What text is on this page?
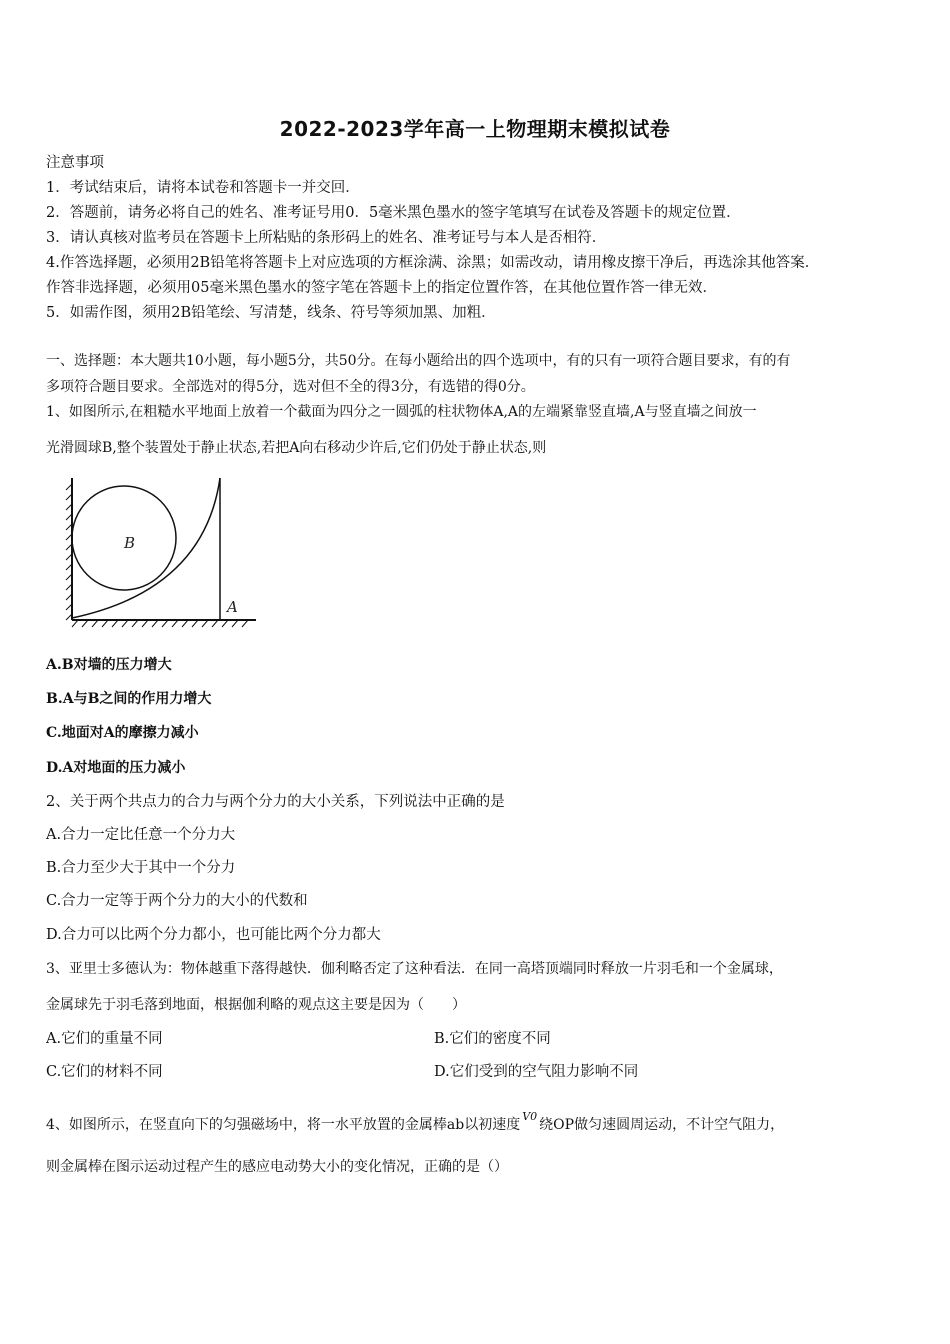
2022-2023学年高一上物理期末模拟试卷
注意事项
1．考试结束后，请将本试卷和答题卡一并交回．
2．答题前，请务必将自己的姓名、准考证号用0．5毫米黑色墨水的签字笔填写在试卷及答题卡的规定位置．
3．请认真核对监考员在答题卡上所粘贴的条形码上的姓名、准考证号与本人是否相符．
4.作答选择题，必须用2B铅笔将答题卡上对应选项的方框涂满、涂黑；如需改动，请用橡皮擦干净后，再选涂其他答案．
作答非选择题，必须用05毫米黑色墨水的签字笔在答题卡上的指定位置作答，在其他位置作答一律无效．
5．如需作图，须用2B铅笔绘、写清楚，线条、符号等须加黑、加粗．
一、选择题：本大题共10小题，每小题5分，共50分。在每小题给出的四个选项中，有的只有一项符合题目要求，有的有
多项符合题目要求。全部选对的得5分，选对但不全的得3分，有选错的得0分。
1、如图所示,在粗糙水平地面上放着一个截面为四分之一圆弧的柱状物体A,A的左端紧靠竖直墙,A与竖直墙之间放一
光滑圆球B,整个装置处于静止状态,若把A向右移动少许后,它们仍处于静止状态,则
B
A
A.B对墙的压力增大
B.A与B之间的作用力增大
C.地面对A的摩擦力减小
D.A对地面的压力减小
2、关于两个共点力的合力与两个分力的大小关系，下列说法中正确的是
A.合力一定比任意一个分力大
B.合力至少大于其中一个分力
C.合力一定等于两个分力的大小的代数和
D.合力可以比两个分力都小，也可能比两个分力都大
3、亚里士多德认为：物体越重下落得越快．伽利略否定了这种看法．在同一高塔顶端同时释放一片羽毛和一个金属球，
金属球先于羽毛落到地面，根据伽利略的观点这主要是因为（　　）
A.它们的重量不同	B.它们的密度不同
C.它们的材料不同	D.它们受到的空气阻力影响不同
4、如图所示，在竖直向下的匀强磁场中，将一水平放置的金属棒ab以初速度$^{V0}$绕OP做匀速圆周运动，不计空气阻力，
则金属棒在图示运动过程产生的感应电动势大小的变化情况，正确的是（）
